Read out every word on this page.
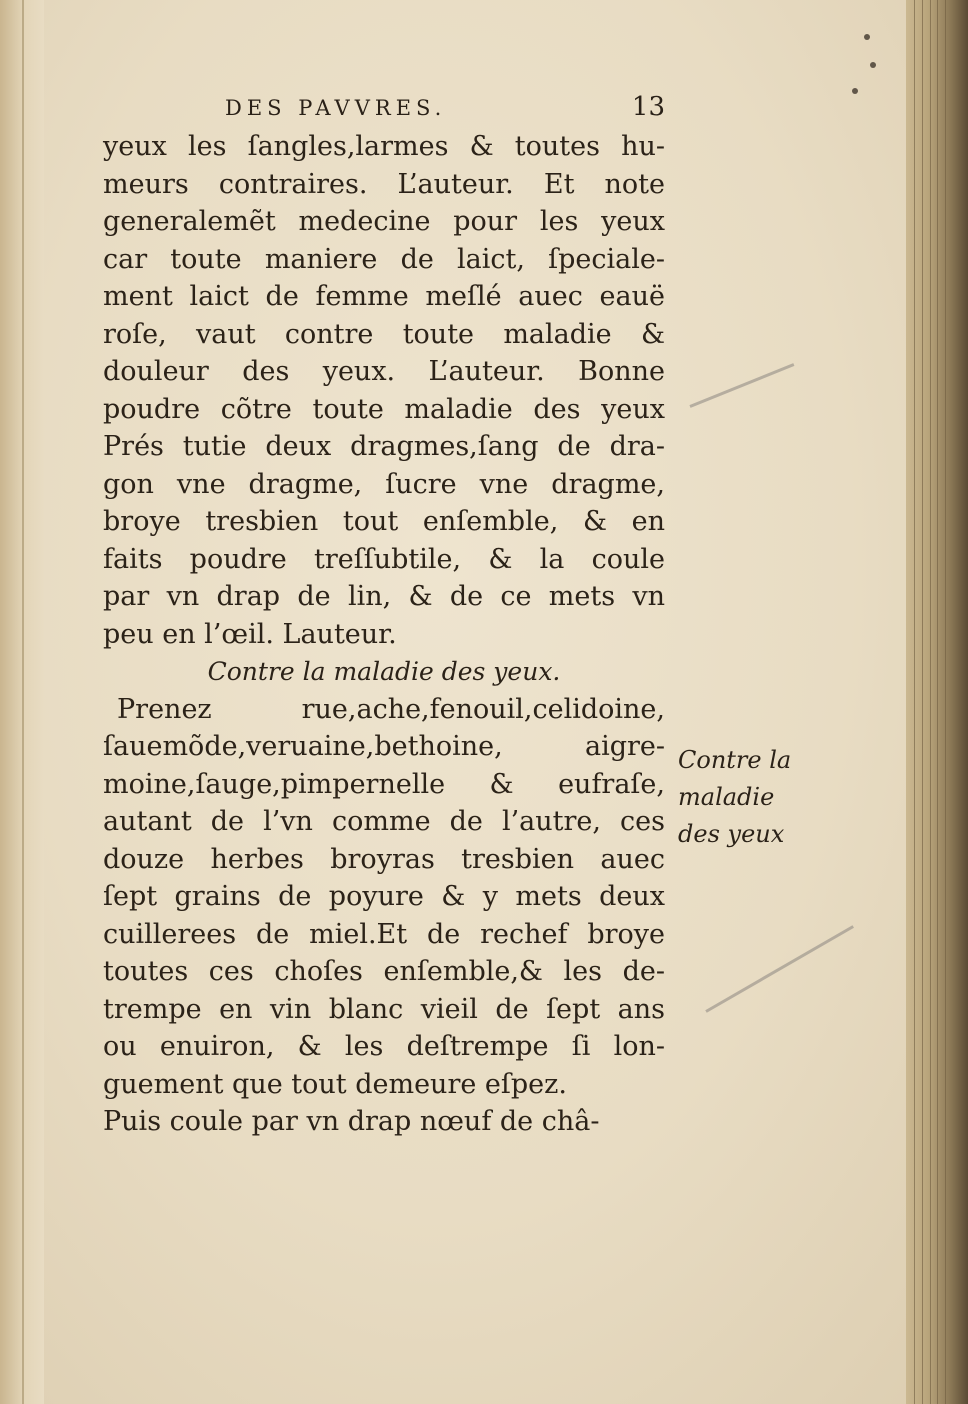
DES PAVVRES.	13
yeux les ſangles,larmes & toutes hu-
meurs contraires. L’auteur. Et note
generalemẽt medecine pour les yeux
car toute maniere de laict, ſpeciale-
ment laict de femme meſlé auec eauë
roſe, vaut contre toute maladie &
douleur des yeux. L’auteur. Bonne
poudre cõtre toute maladie des yeux
Prés tutie deux dragmes,ſang de dra-
gon vne dragme, ſucre vne dragme,
broye tresbien tout enſemble, & en
faits poudre treſſubtile, & la coule
par vn drap de lin, & de ce mets vn
peu en l’œil. Lauteur.
Contre la maladie des yeux.
Prenez rue,ache,fenouil,celidoine,
ſauemõde,veruaine,bethoine, aigre-
moine,ſauge,pimpernelle & eufraſe,
autant de l’vn comme de l’autre, ces
douze herbes broyras tresbien auec
ſept grains de poyure & y mets deux
cuillerees de miel.Et de rechef broye
toutes ces choſes enſemble,& les de-
trempe en vin blanc vieil de ſept ans
ou enuiron, & les deſtrempe ſi lon-
guement que tout demeure eſpez.
Puis coule par vn drap nœuf de châ-
Contre la
maladie
des yeux
